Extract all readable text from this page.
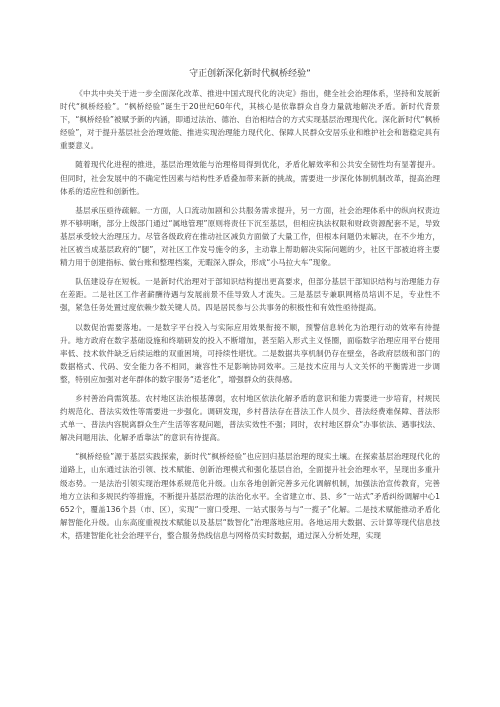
守正创新深化新时代枫桥经验”

《中共中央关于进一步全面深化改革、推进中国式现代化的决定》指出，健全社会治理体系，坚持和发展新时代“枫桥经验”。“枫桥经验”诞生于20世纪60年代，其核心是依靠群众自身力量就地解决矛盾。新时代背景下，“枫桥经验”被赋予新的内涵，即通过法治、德治、自治相结合的方式实现基层治理现代化。深化新时代“枫桥经验”，对于提升基层社会治理效能、推进实现治理能力现代化、保障人民群众安居乐业和维护社会和谐稳定具有重要意义。

随着现代化进程的推进，基层治理效能与治理格局得到优化，矛盾化解效率和公共安全韧性均有显著提升。但同时，社会发展中的不确定性因素与结构性矛盾叠加带来新的挑战，需要进一步深化体制机制改革，提高治理体系的适应性和创新性。

基层承压亟待疏解。一方面，人口流动加剧和公共服务需求提升，另一方面，社会治理体系中的纵向权责边界不够明晰，部分上级部门通过“属地管理”原则将责任下沉至基层，但相应执法权限和财政资源配套不足，导致基层承受较大治理压力。尽管各级政府在推动社区减负方面做了大量工作，但根本问题仍未解决，在不少地方，社区被当成基层政府的“腿”，对社区工作发号施令的多，主动靠上帮助解决实际问题的少，社区干部被迫将主要精力用于创建指标、做台账和整理档案，无暇深入群众，形成“小马拉大车”现象。

队伍建设存在短板。一是新时代治理对于部知识结构提出更高要求，但部分基层干部知识结构与治理能力存在差距。二是社区工作者薪酬待遇与发展前景不佳导致人才流失。三是基层专兼职网格员培训不足，专业性不强，紧急任务处置过度依赖少数关键人员。四是居民参与公共事务的积极性和有效性亟待提高。

以数促治需要落地。一是数字平台投入与实际应用效果衔接不顺，预警信息转化为治理行动的效率有待提升。地方政府在数字基础设施和终端研发的投入不断增加，甚至陷入形式主义怪圈，面临数字治理应用平台使用率低、技术软件缺乏后续运维的双重困境，可持续性堪忧。二是数据共享机制仍存在壁垒，各政府层级和部门的数据格式、代码、安全能力各不相同，兼容性不足影响协同效率。三是技术应用与人文关怀的平衡需进一步调整，特别应加强对老年群体的数字服务“适老化”，增强群众的获得感。

乡村善治尚需筑基。农村地区法治根基薄弱，农村地区依法化解矛盾的意识和能力需要进一步培育，村规民约规范化、普法实效性等需要进一步强化。调研发现，乡村普法存在普法工作人员少、普法经费难保障、普法形式单一、普法内容脱离群众生产生活等客观问题，普法实效性不强；同时，农村地区群众“办事依法、遇事找法、解决问题用法、化解矛盾靠法”的意识有待提高。

“枫桥经验”源于基层实践探索，新时代“枫桥经验”也应回归基层治理的现实土壤。在探索基层治理现代化的道路上，山东通过法治引领、技术赋能、创新治理模式和强化基层自治，全面提升社会治理水平，呈现出多重升级态势。一是法治引领实现治理体系规范化升级。山东各地创新完善多元化调解机制，加强法治宣传教育，完善地方立法和多规民约等措施，不断提升基层治理的法治化水平。全省建立市、县、乡“一站式”矛盾纠纷调解中心1652个，覆盖136个县（市、区），实现“一窗口受理、一站式服务与与“一揽子”化解。二是技术赋能推动矛盾化解智能化升级。山东高度重视技术赋能以及基层“数智化”治理落地应用。各地运用大数据、云计算等现代信息技术，搭建智能化社会治理平台，整合服务热线信息与网格员实时数据，通过深入分析处理，实现
